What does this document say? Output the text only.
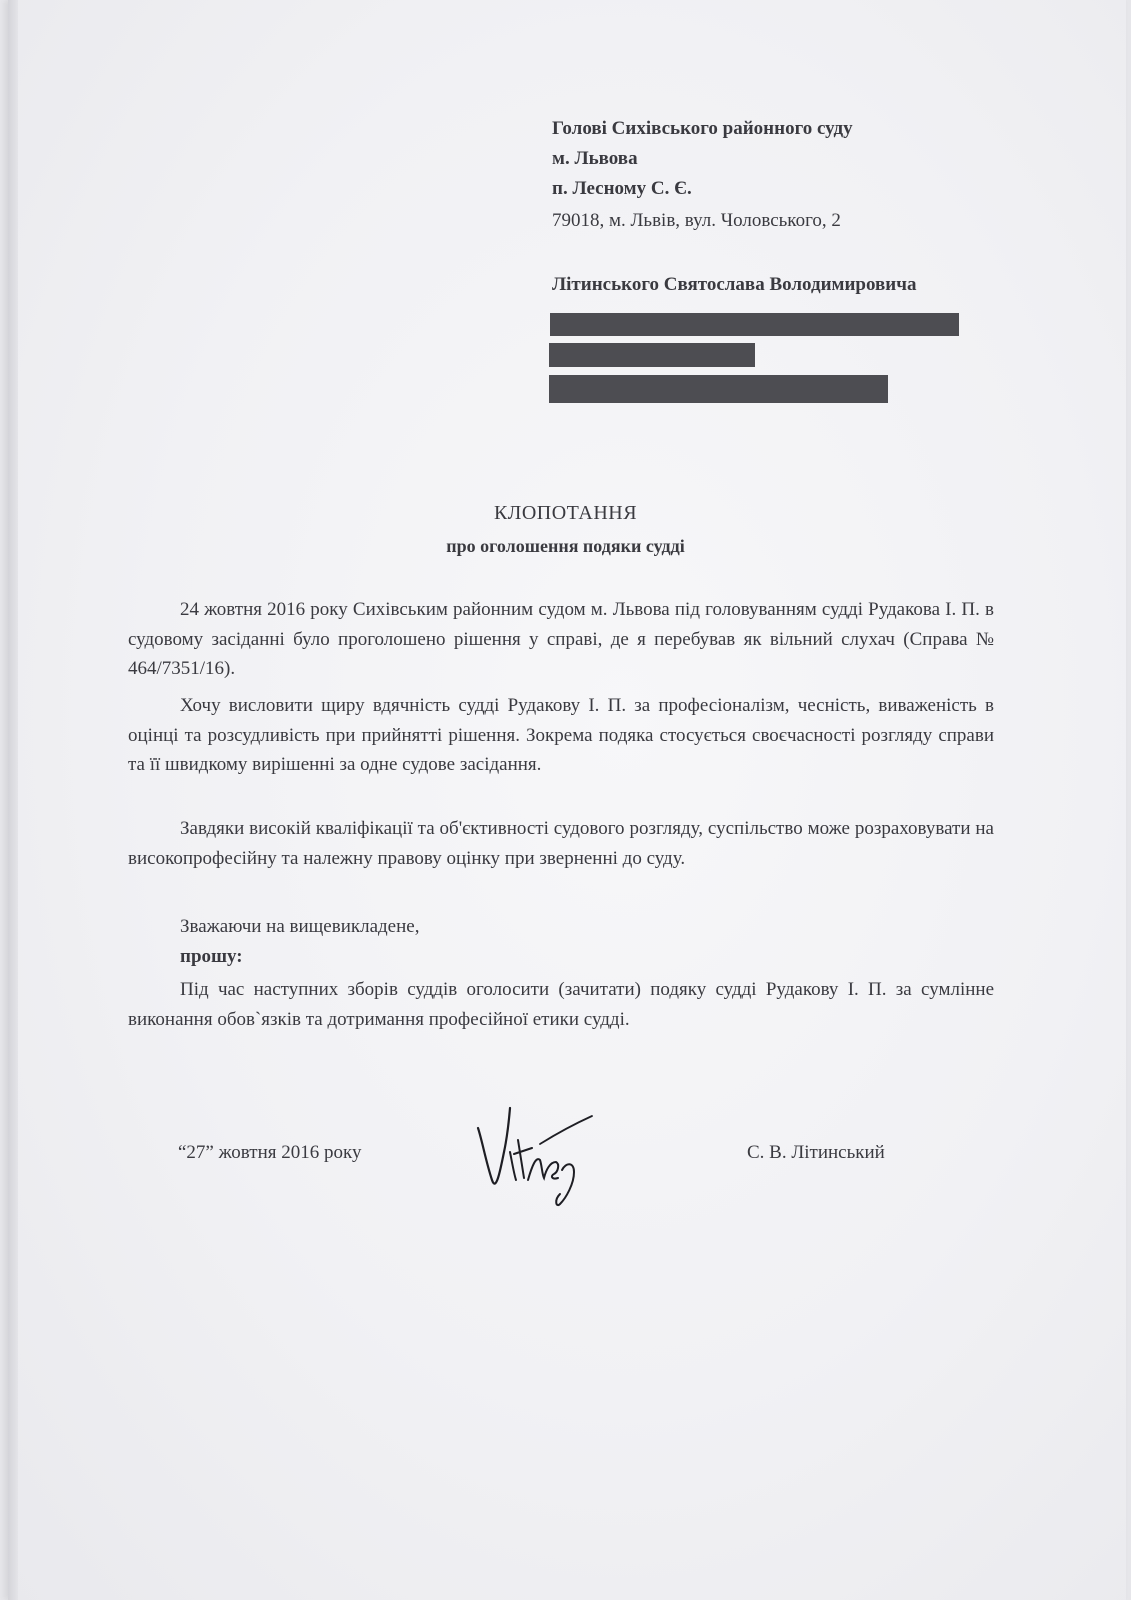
Голові Сихівського районного суду
м. Львова
п. Лесному С. Є.
79018, м. Львів, вул. Чоловського, 2
Літинського Святослава Володимировича
КЛОПОТАННЯ
про оголошення подяки судді
24 жовтня 2016 року Сихівським районним судом м. Львова під головуванням судді Рудакова І. П. в судовому засіданні було проголошено рішення у справі, де я перебував як вільний слухач (Справа № 464/7351/16).
Хочу висловити щиру вдячність судді Рудакову І. П. за професіоналізм, чесність, виваженість в оцінці та розсудливість при прийнятті рішення. Зокрема подяка стосується своєчасності розгляду справи та її швидкому вирішенні за одне судове засідання.
Завдяки високій кваліфікації та об'єктивності судового розгляду, суспільство може розраховувати на високопрофесійну та належну правову оцінку при зверненні до суду.
Зважаючи на вищевикладене,
прошу:
Під час наступних зборів суддів оголосити (зачитати) подяку судді Рудакову І. П. за сумлінне виконання обов`язків та дотримання професійної етики судді.
“27” жовтня 2016 року	С. В. Літинський
